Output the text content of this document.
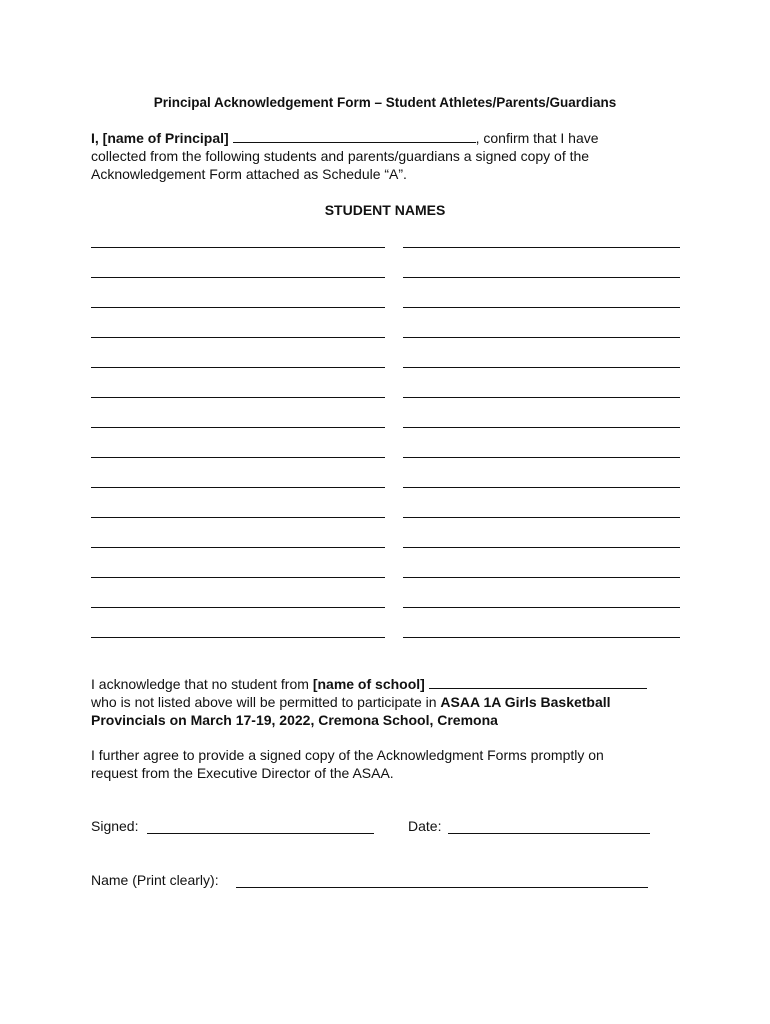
Principal Acknowledgement Form – Student Athletes/Parents/Guardians
I, [name of Principal]	, confirm that I have
collected from the following students and parents/guardians a signed copy of the
Acknowledgement Form attached as Schedule “A”.
STUDENT NAMES
I acknowledge that no student from [name of school]
who is not listed above will be permitted to participate in ASAA 1A Girls Basketball
Provincials on March 17-19, 2022, Cremona School, Cremona
I further agree to provide a signed copy of the Acknowledgment Forms promptly on
request from the Executive Director of the ASAA.
Signed:	Date:
Name (Print clearly):
